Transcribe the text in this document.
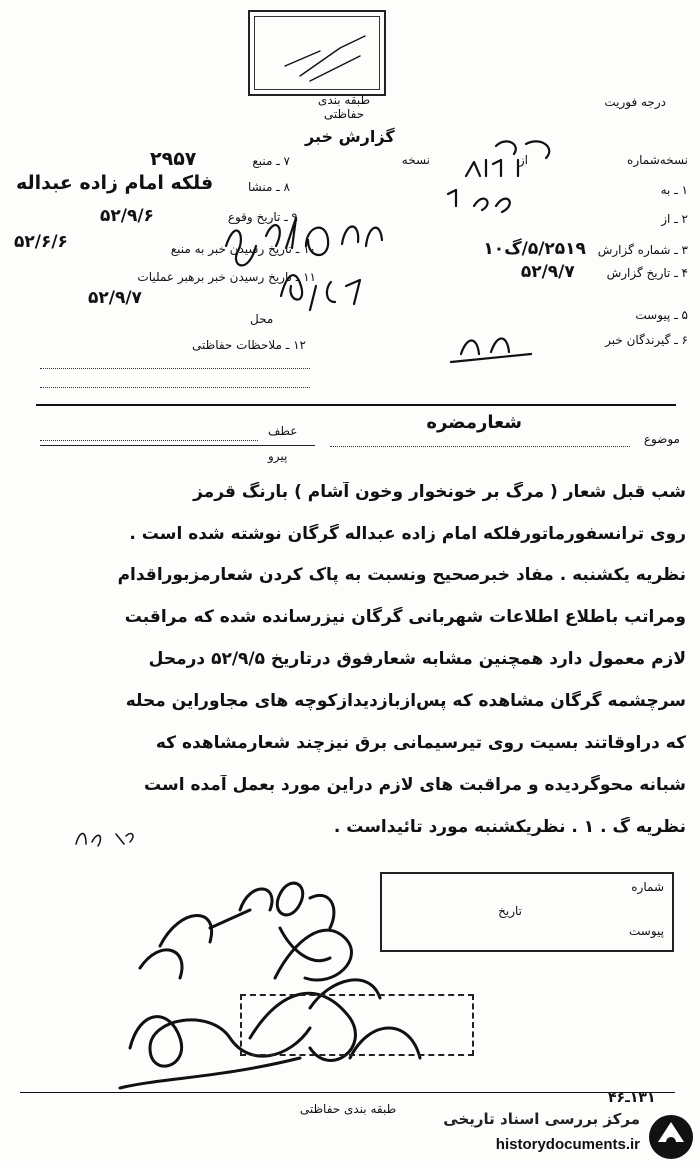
طبقه بندی حفاظتی
درجه فوریت
گزارش خبر
نسخه‌شماره
از
نسخه
۱ ـ به
۲ ـ از
۳ ـ شماره گزارش ۵/۲۵۱۹/گ۱۰
۴ ـ تاریخ گزارش ۵۲/۹/۷
۵ ـ پیوست
۶ ـ گیرندگان خبر
۷ ـ منبع
۲۹۵۷
۸ ـ منشا
فلکه امام زاده عبداله
۹ ـ تاریخ وقوع
۵۲/۹/۶
۱۰ ـ تاریخ رسیدن خبر به منبع
۵۲/۶/۶
۱۱ ـ تاریخ رسیدن خبر برهبر عملیات
۵۲/۹/۷
محل
۱۲ ـ ملاحظات حفاظتی
موضوع
شعارمضره
عطف
پیرو
شب قبل شعار ( مرگ بر خونخوار وخون آشام ) بارنگ قرمز
روی ترانسفورماتورفلکه امام زاده عبداله گرگان نوشته شده است .
نظریه یکشنبه . مفاد خبرصحیح ونسبت به پاک کردن شعارمزبوراقدام
ومراتب باطلاع اطلاعات شهربانی گرگان نیزرسانده شده که مراقبت
لازم معمول دارد همچنین مشابه شعارفوق درتاریخ ۵۲/۹/۵ درمحل
سرچشمه گرگان مشاهده که پس‌ازبازدیدازکوچه های مجاوراین محله
که دراوقاتند بسیت روی تیرسیمانی برق نیزچند شعارمشاهده که
شبانه محوگردیده و مراقبت های لازم دراین مورد بعمل آمده است
نظریه گ . ۱ . نظریکشنبه مورد تائیداست .
شماره
تاریخ
پیوست
۱۳۱ـ۴۶
طبقه بندی حفاظتی
مرکز بررسی اسناد تاریخی
historydocuments.ir
